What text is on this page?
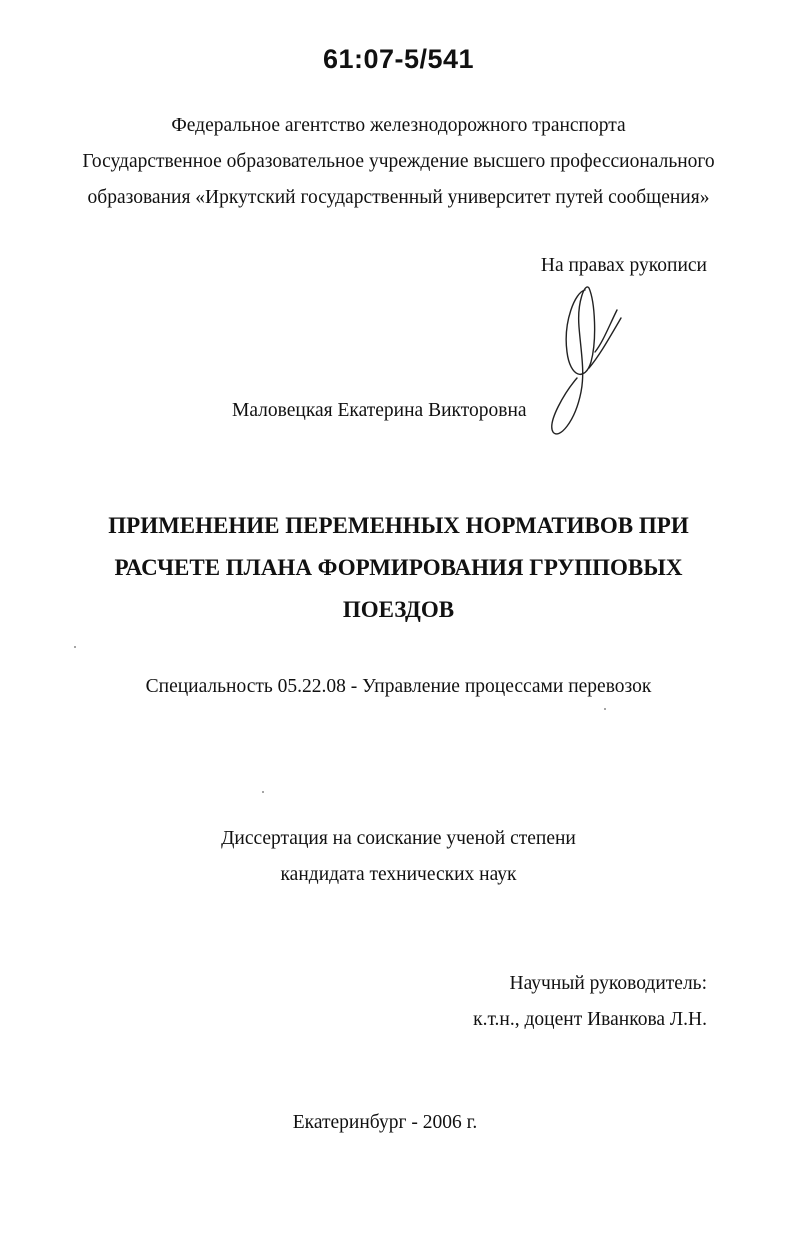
61:07-5/541
Федеральное агентство железнодорожного транспорта
Государственное образовательное учреждение высшего профессионального
образования «Иркутский государственный университет путей сообщения»
На правах рукописи
Маловецкая Екатерина Викторовна
ПРИМЕНЕНИЕ ПЕРЕМЕННЫХ НОРМАТИВОВ ПРИ
РАСЧЕТЕ ПЛАНА ФОРМИРОВАНИЯ ГРУППОВЫХ
ПОЕЗДОВ
Специальность 05.22.08 - Управление процессами перевозок
Диссертация на соискание ученой степени
кандидата технических наук
Научный руководитель:
к.т.н., доцент Иванкова Л.Н.
Екатеринбург - 2006 г.
